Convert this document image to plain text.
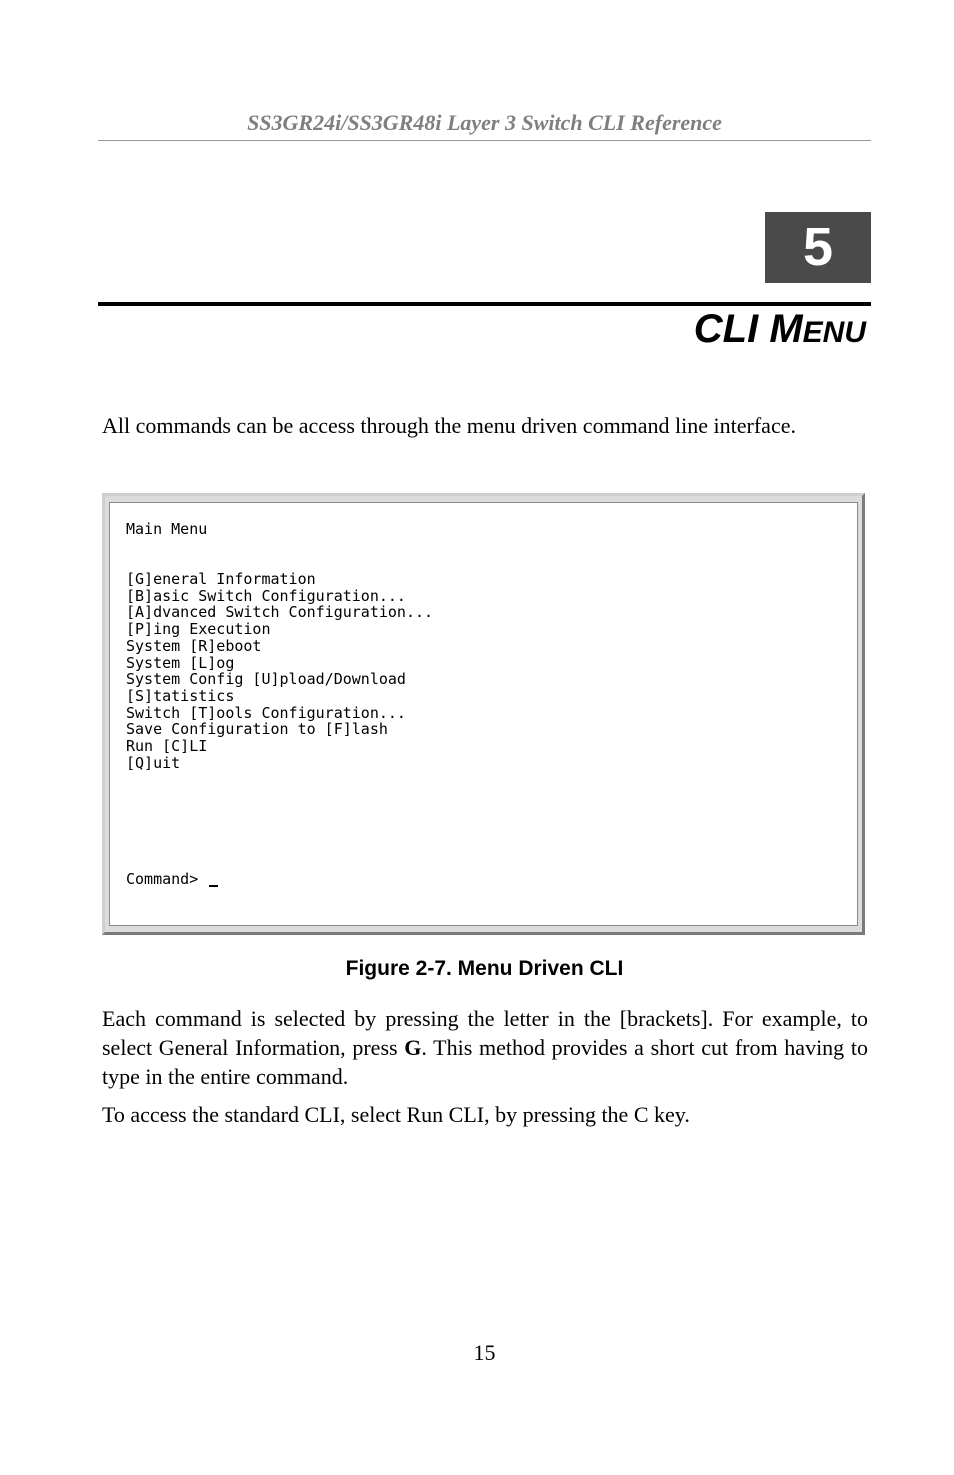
SS3GR24i/SS3GR48i Layer 3 Switch CLI Reference
5
CLI MENU

All commands can be access through the menu driven command line interface.

Main Menu
[G]eneral Information
[B]asic Switch Configuration...
[A]dvanced Switch Configuration...
[P]ing Execution
System [R]eboot
System [L]og
System Config [U]pload/Download
[S]tatistics
Switch [T]ools Configuration...
Save Configuration to [F]lash
Run [C]LI
[Q]uit
Command>
Figure 2-7. Menu Driven CLI

Each command is selected by pressing the letter in the [brackets]. For example, to select General Information, press G. This method provides a short cut from having to type in the entire command.

To access the standard CLI, select Run CLI, by pressing the C key.

15
